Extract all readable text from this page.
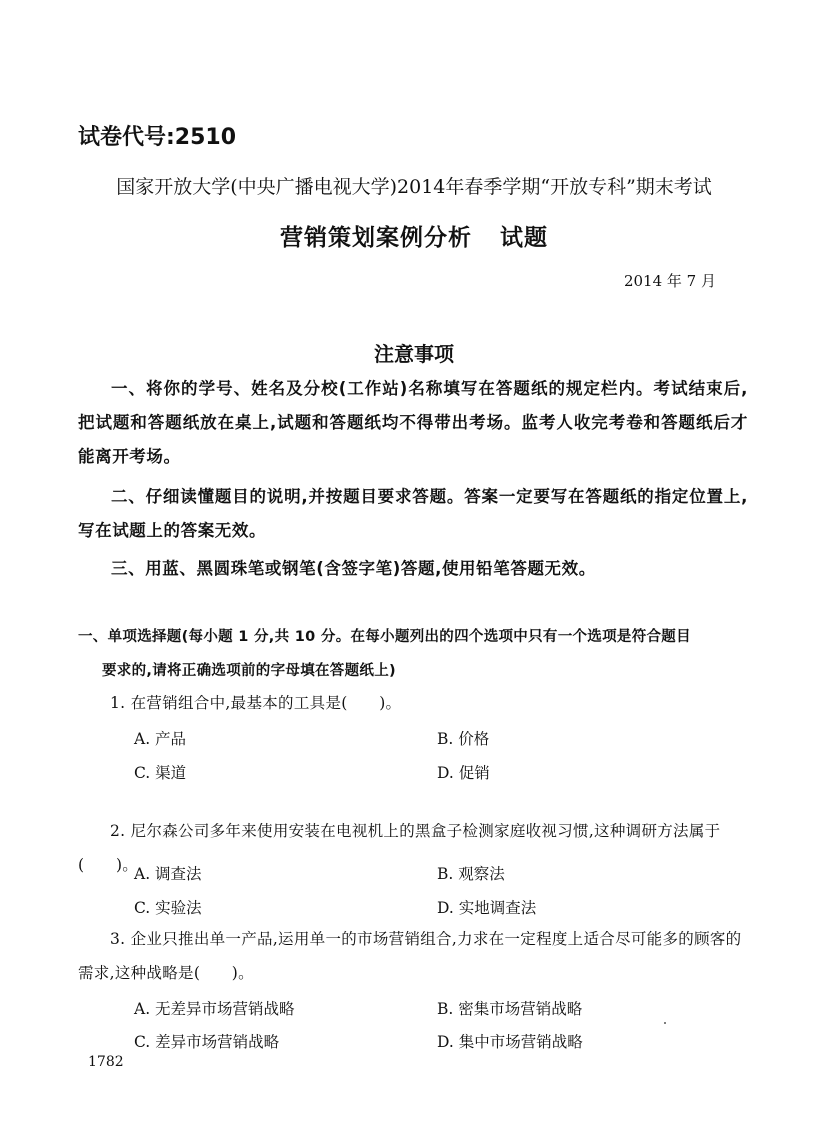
试卷代号:2510
国家开放大学(中央广播电视大学)2014年春季学期“开放专科”期末考试
营销策划案例分析 试题
2014 年 7 月
注意事项
一、将你的学号、姓名及分校(工作站)名称填写在答题纸的规定栏内。考试结束后,把试题和答题纸放在桌上,试题和答题纸均不得带出考场。监考人收完考卷和答题纸后才能离开考场。
二、仔细读懂题目的说明,并按题目要求答题。答案一定要写在答题纸的指定位置上,写在试题上的答案无效。
三、用蓝、黑圆珠笔或钢笔(含签字笔)答题,使用铅笔答题无效。
一、单项选择题(每小题 1 分,共 10 分。在每小题列出的四个选项中只有一个选项是符合题目
要求的,请将正确选项前的字母填在答题纸上)
1. 在营销组合中,最基本的工具是(　　)。
A. 产品	B. 价格
C. 渠道	D. 促销
2. 尼尔森公司多年来使用安装在电视机上的黑盒子检测家庭收视习惯,这种调研方法属于(　　)。
A. 调查法	B. 观察法
C. 实验法	D. 实地调查法
3. 企业只推出单一产品,运用单一的市场营销组合,力求在一定程度上适合尽可能多的顾客的需求,这种战略是(　　)。
A. 无差异市场营销战略	B. 密集市场营销战略
C. 差异市场营销战略	D. 集中市场营销战略
1782
